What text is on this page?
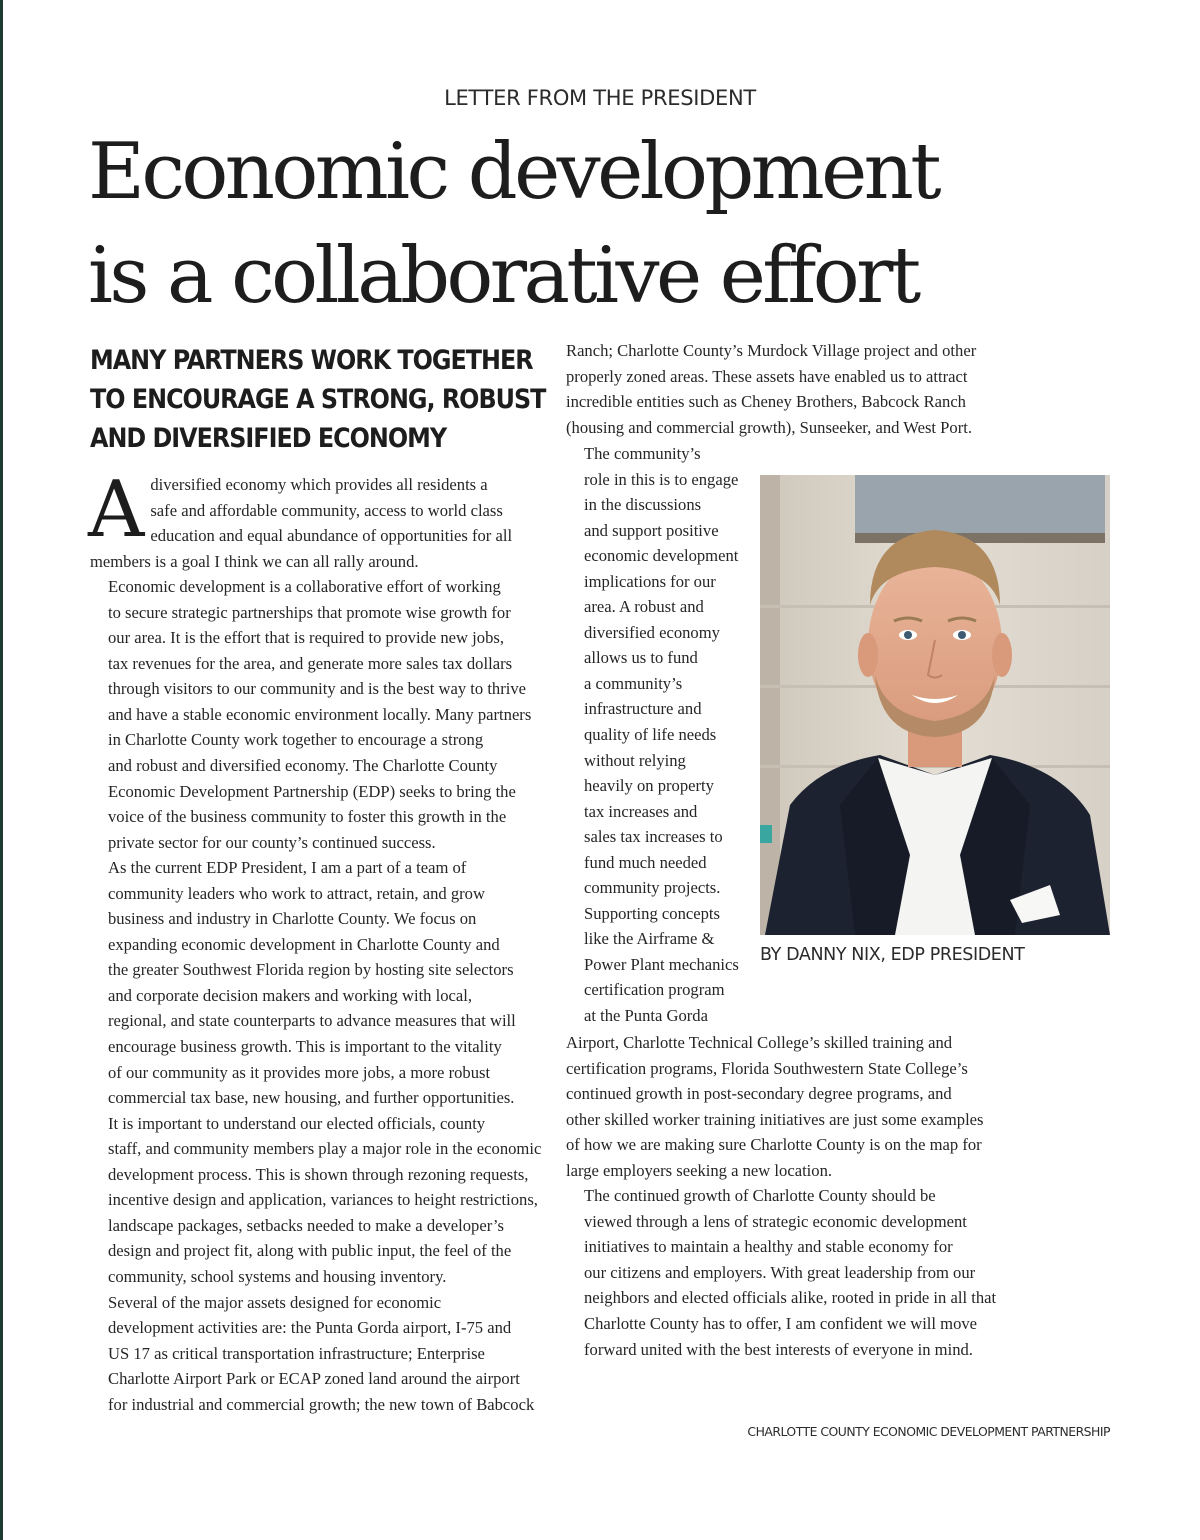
LETTER FROM THE PRESIDENT
Economic development
is a collaborative effort
MANY PARTNERS WORK TOGETHER
TO ENCOURAGE A STRONG, ROBUST
AND DIVERSIFIED ECONOMY

A diversified economy which provides all residents a
safe and affordable community, access to world class
education and equal abundance of opportunities for all
members is a goal I think we can all rally around.

Economic development is a collaborative effort of working
to secure strategic partnerships that promote wise growth for
our area. It is the effort that is required to provide new jobs,
tax revenues for the area, and generate more sales tax dollars
through visitors to our community and is the best way to thrive
and have a stable economic environment locally. Many partners
in Charlotte County work together to encourage a strong
and robust and diversified economy. The Charlotte County
Economic Development Partnership (EDP) seeks to bring the
voice of the business community to foster this growth in the
private sector for our county’s continued success.

As the current EDP President, I am a part of a team of
community leaders who work to attract, retain, and grow
business and industry in Charlotte County. We focus on
expanding economic development in Charlotte County and
the greater Southwest Florida region by hosting site selectors
and corporate decision makers and working with local,
regional, and state counterparts to advance measures that will
encourage business growth. This is important to the vitality
of our community as it provides more jobs, a more robust
commercial tax base, new housing, and further opportunities.

It is important to understand our elected officials, county
staff, and community members play a major role in the economic
development process. This is shown through rezoning requests,
incentive design and application, variances to height restrictions,
landscape packages, setbacks needed to make a developer’s
design and project fit, along with public input, the feel of the
community, school systems and housing inventory.

Several of the major assets designed for economic
development activities are: the Punta Gorda airport, I-75 and
US 17 as critical transportation infrastructure; Enterprise
Charlotte Airport Park or ECAP zoned land around the airport
for industrial and commercial growth; the new town of Babcock

Ranch; Charlotte County’s Murdock Village project and other
properly zoned areas. These assets have enabled us to attract
incredible entities such as Cheney Brothers, Babcock Ranch
(housing and commercial growth), Sunseeker, and West Port.

The community’s
role in this is to engage
in the discussions
and support positive
economic development
implications for our
area. A robust and
diversified economy
allows us to fund
a community’s
infrastructure and
quality of life needs
without relying
heavily on property
tax increases and
sales tax increases to
fund much needed
community projects.
Supporting concepts
like the Airframe &
Power Plant mechanics
certification program
at the Punta Gorda

Airport, Charlotte Technical College’s skilled training and
certification programs, Florida Southwestern State College’s
continued growth in post-secondary degree programs, and
other skilled worker training initiatives are just some examples
of how we are making sure Charlotte County is on the map for
large employers seeking a new location.

The continued growth of Charlotte County should be
viewed through a lens of strategic economic development
initiatives to maintain a healthy and stable economy for
our citizens and employers. With great leadership from our
neighbors and elected officials alike, rooted in pride in all that
Charlotte County has to offer, I am confident we will move
forward united with the best interests of everyone in mind.

BY DANNY NIX, EDP PRESIDENT
CHARLOTTE COUNTY ECONOMIC DEVELOPMENT PARTNERSHIP
